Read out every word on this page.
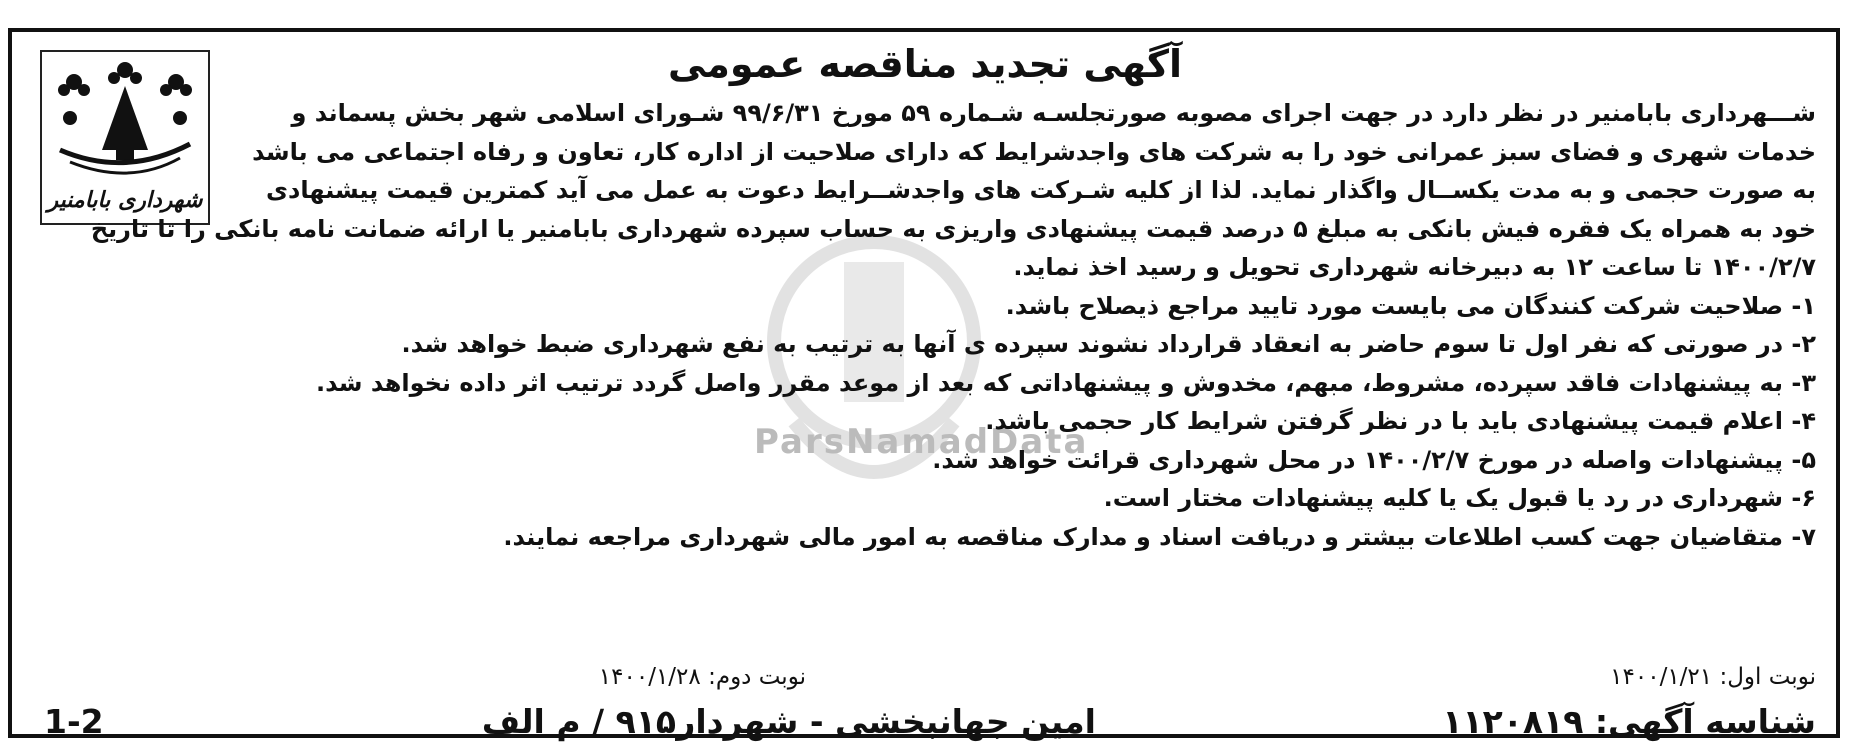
ParsNamadData
شهرداری بابامنیر
آگهی تجدید مناقصه عمومی
شـــهرداری بابامنیر در نظر دارد در جهت اجرای مصوبه صورتجلسـه شـماره ۵۹ مورخ ۹۹/۶/۳۱ شـورای اسلامی شهر بخش پسماند و
خدمات شهری و فضای سبز عمرانی خود را به شرکت های واجدشرایط که دارای صلاحیت از اداره کار، تعاون و رفاه اجتماعی می باشد
به صورت حجمی و به مدت یکســال واگذار نماید. لذا از کلیه شـرکت های واجدشــرایط دعوت به عمل می آید کمترین قیمت پیشنهادی
خود به همراه یک فقره فیش بانکی به مبلغ ۵ درصد قیمت پیشنهادی واریزی به حساب سپرده شهرداری بابامنیر یا ارائه ضمانت نامه بانکی را تا تاریخ
۱۴۰۰/۲/۷ تا ساعت ۱۲ به دبیرخانه شهرداری تحویل و رسید اخذ نماید.
۱- صلاحیت شرکت کنندگان می بایست مورد تایید مراجع ذیصلاح باشد.
۲- در صورتی که نفر اول تا سوم حاضر به انعقاد قرارداد نشوند سپرده ی آنها به ترتیب به نفع شهرداری ضبط خواهد شد.
۳- به پیشنهادات فاقد سپرده، مشروط، مبهم، مخدوش و پیشنهاداتی که بعد از موعد مقرر واصل گردد ترتیب اثر داده نخواهد شد.
۴- اعلام قیمت پیشنهادی باید با در نظر گرفتن شرایط کار حجمی باشد.
۵- پیشنهادات واصله در مورخ ۱۴۰۰/۲/۷ در محل شهرداری قرائت خواهد شد.
۶- شهرداری در رد یا قبول یک یا کلیه پیشنهادات مختار است.
۷- متقاضیان جهت کسب اطلاعات بیشتر و دریافت اسناد و مدارک مناقصه به امور مالی شهرداری مراجعه نمایند.
نوبت اول: ۱۴۰۰/۱/۲۱
نوبت دوم: ۱۴۰۰/۱/۲۸
شناسه آگهی: ۱۱۲۰۸۱۹
امین جهانبخشی - شهردار
۹۱۵ / م الف
1-2
